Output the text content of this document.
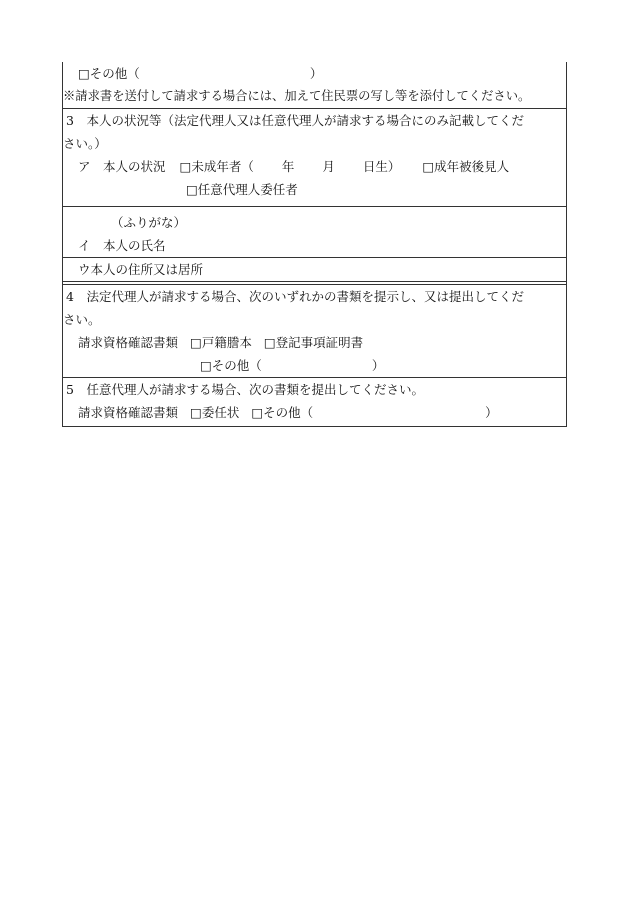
□その他（	）
※請求書を送付して請求する場合には、加えて住民票の写し等を添付してください。
3　本人の状況等（法定代理人又は任意代理人が請求する場合にのみ記載してくだ
さい。）
ア　本人の状況 □未成年者（ 年 月 日生） □成年被後見人
□任意代理人委任者
（ふりがな）
イ　本人の氏名
ウ本人の住所又は居所
4　法定代理人が請求する場合、次のいずれかの書類を提示し、又は提出してくだ
さい。
請求資格確認書類 □戸籍謄本 □登記事項証明書
□その他（	）
5　任意代理人が請求する場合、次の書類を提出してください。
請求資格確認書類 □委任状 □その他（	）
